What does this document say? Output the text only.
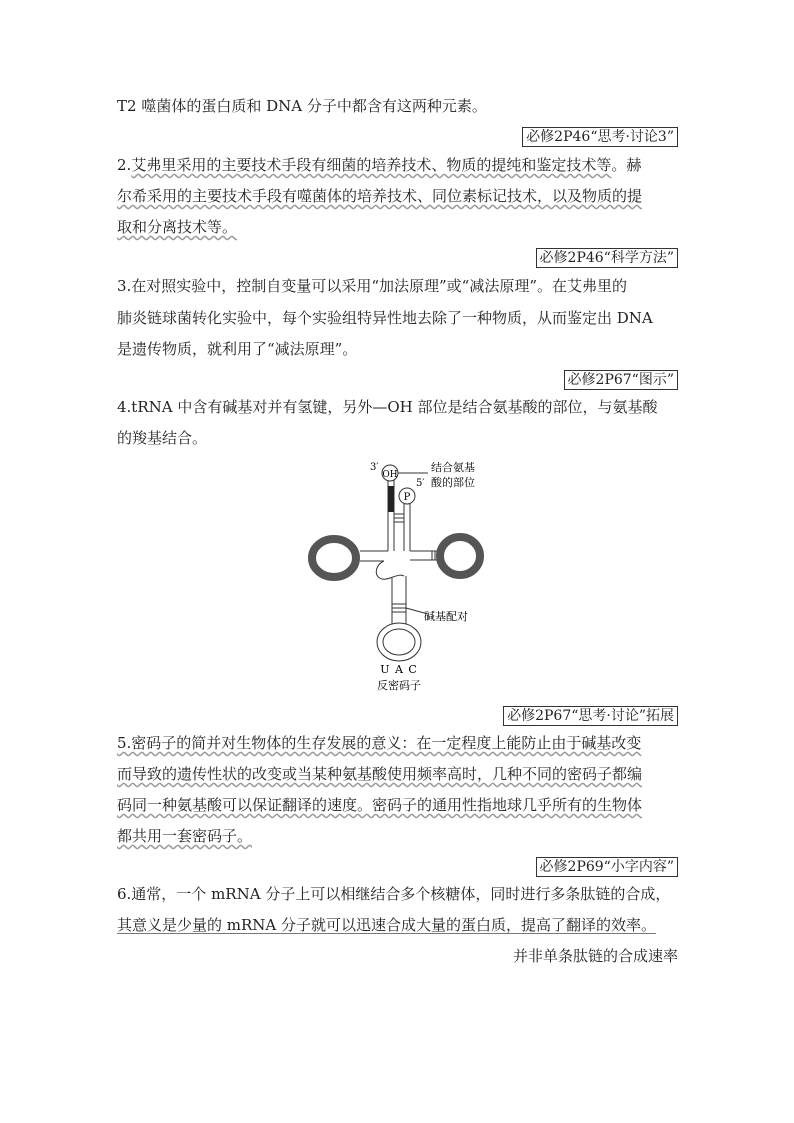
T2 噬菌体的蛋白质和 DNA 分子中都含有这两种元素。
必修2P46“思考·讨论3”
2.艾弗里采用的主要技术手段有细菌的培养技术、物质的提纯和鉴定技术等。赫
尔希采用的主要技术手段有噬菌体的培养技术、同位素标记技术，以及物质的提
取和分离技术等。
必修2P46“科学方法”
3.在对照实验中，控制自变量可以采用“加法原理”或“减法原理”。在艾弗里的
肺炎链球菌转化实验中，每个实验组特异性地去除了一种物质，从而鉴定出 DNA
是遗传物质，就利用了“减法原理”。
必修2P67“图示”
4.tRNA 中含有碱基对并有氢键，另外—OH 部位是结合氨基酸的部位，与氨基酸
的羧基结合。
OH
3′
P
5′
结合氨基
酸的部位
碱基配对
U A C
反密码子
必修2P67“思考·讨论”拓展
5.密码子的简并对生物体的生存发展的意义：在一定程度上能防止由于碱基改变
而导致的遗传性状的改变或当某种氨基酸使用频率高时，几种不同的密码子都编
码同一种氨基酸可以保证翻译的速度。密码子的通用性指地球几乎所有的生物体
都共用一套密码子。
必修2P69“小字内容”
6.通常，一个 mRNA 分子上可以相继结合多个核糖体，同时进行多条肽链的合成，
其意义是少量的 mRNA 分子就可以迅速合成大量的蛋白质，提高了翻译的效率。
并非单条肽链的合成速率
